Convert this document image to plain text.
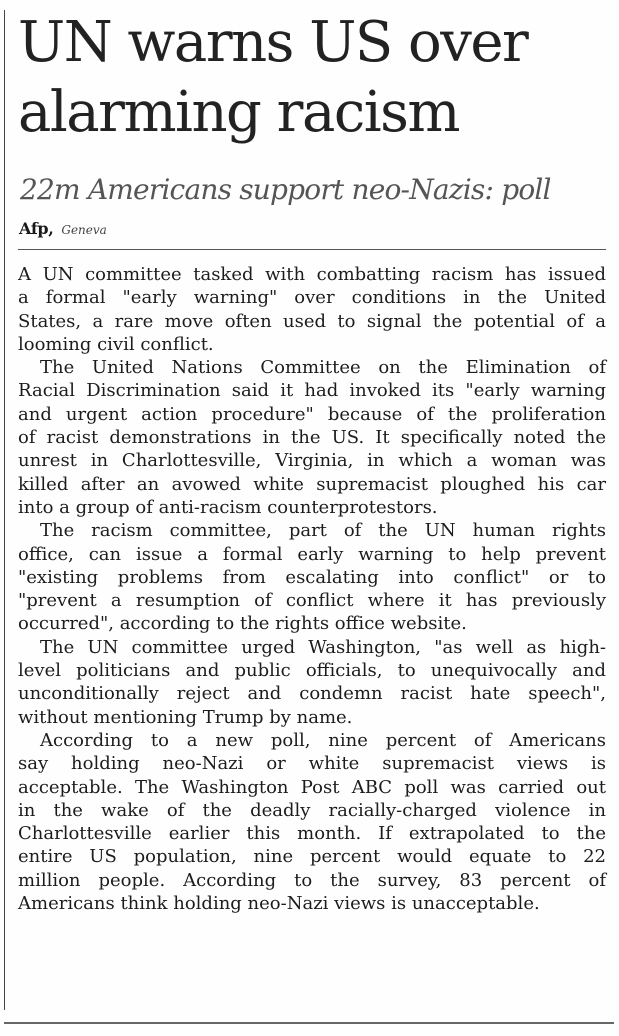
UN warns US over
alarming racism
22m Americans support neo-Nazis: poll
Afp, Geneva
A UN committee tasked with combatting racism has issued
a formal "early warning" over conditions in the United
States, a rare move often used to signal the potential of a
looming civil conflict.
The United Nations Committee on the Elimination of
Racial Discrimination said it had invoked its "early warning
and urgent action procedure" because of the proliferation
of racist demonstrations in the US. It specifically noted the
unrest in Charlottesville, Virginia, in which a woman was
killed after an avowed white supremacist ploughed his car
into a group of anti-racism counterprotestors.
The racism committee, part of the UN human rights
office, can issue a formal early warning to help prevent
"existing problems from escalating into conflict" or to
"prevent a resumption of conflict where it has previously
occurred", according to the rights office website.
The UN committee urged Washington, "as well as high-
level politicians and public officials, to unequivocally and
unconditionally reject and condemn racist hate speech",
without mentioning Trump by name.
According to a new poll, nine percent of Americans
say holding neo-Nazi or white supremacist views is
acceptable. The Washington Post ABC poll was carried out
in the wake of the deadly racially-charged violence in
Charlottesville earlier this month. If extrapolated to the
entire US population, nine percent would equate to 22
million people. According to the survey, 83 percent of
Americans think holding neo-Nazi views is unacceptable.
